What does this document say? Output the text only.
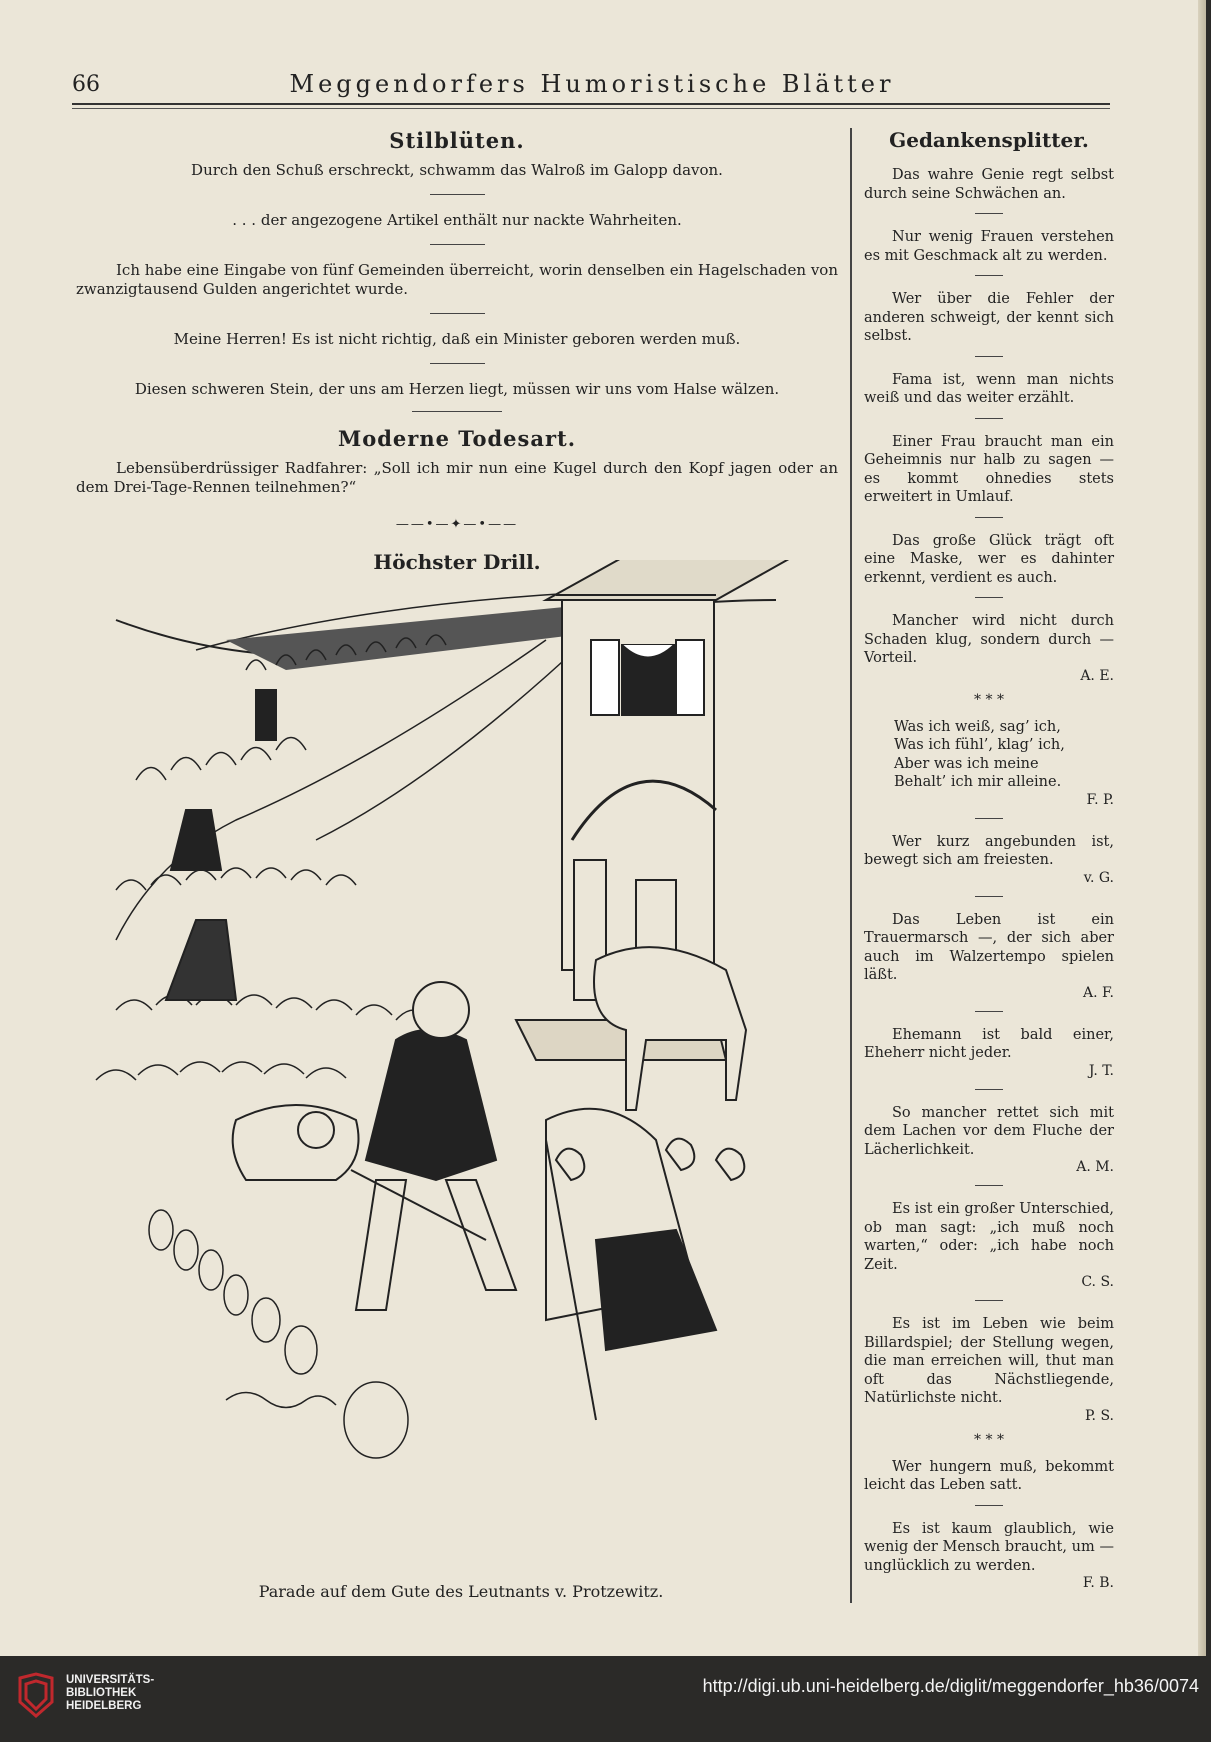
66	Meggendorfers Humoristische Blätter
Stilblüten.

Durch den Schuß erschreckt, schwamm das Walroß im Galopp davon.

. . . der angezogene Artikel enthält nur nackte Wahrheiten.

Ich habe eine Eingabe von fünf Gemeinden überreicht, worin denselben ein Hagelschaden von zwanzigtausend Gulden angerichtet wurde.

Meine Herren! Es ist nicht richtig, daß ein Minister geboren werden muß.

Diesen schweren Stein, der uns am Herzen liegt, müssen wir uns vom Halse wälzen.

Moderne Todesart.

Lebensüberdrüssiger Radfahrer: „Soll ich mir nun eine Kugel durch den Kopf jagen oder an dem Drei-Tage-Rennen teilnehmen?“

——•—✦—•——
Höchster Drill.
Parade auf dem Gute des Leutnants v. Protzewitz.
Gedankensplitter.

Das wahre Genie regt selbst durch seine Schwächen an.

Nur wenig Frauen verstehen es mit Geschmack alt zu werden.

Wer über die Fehler der anderen schweigt, der kennt sich selbst.

Fama ist, wenn man nichts weiß und das weiter erzählt.

Einer Frau braucht man ein Geheimnis nur halb zu sagen — es kommt ohnedies stets erweitert in Umlauf.

Das große Glück trägt oft eine Maske, wer es dahinter erkennt, verdient es auch.

Mancher wird nicht durch Schaden klug, sondern durch — Vorteil.

A. E.

* * *

Was ich weiß, sag’ ich,

Was ich fühl’, klag’ ich,

Aber was ich meine

Behalt’ ich mir alleine.

F. P.

Wer kurz angebunden ist, bewegt sich am freiesten.

v. G.

Das Leben ist ein Trauermarsch —, der sich aber auch im Walzertempo spielen läßt.

A. F.

Ehemann ist bald einer, Eheherr nicht jeder.

J. T.

So mancher rettet sich mit dem Lachen vor dem Fluche der Lächerlichkeit.

A. M.

Es ist ein großer Unterschied, ob man sagt: „ich muß noch warten,“ oder: „ich habe noch Zeit.

C. S.

Es ist im Leben wie beim Billardspiel; der Stellung wegen, die man erreichen will, thut man oft das Nächstliegende, Natürlichste nicht.

P. S.

* * *

Wer hungern muß, bekommt leicht das Leben satt.

Es ist kaum glaublich, wie wenig der Mensch braucht, um — unglücklich zu werden.

F. B.

UNIVERSITÄTS-
BIBLIOTHEK
HEIDELBERG
http://digi.ub.uni-heidelberg.de/diglit/meggendorfer_hb36/0074
